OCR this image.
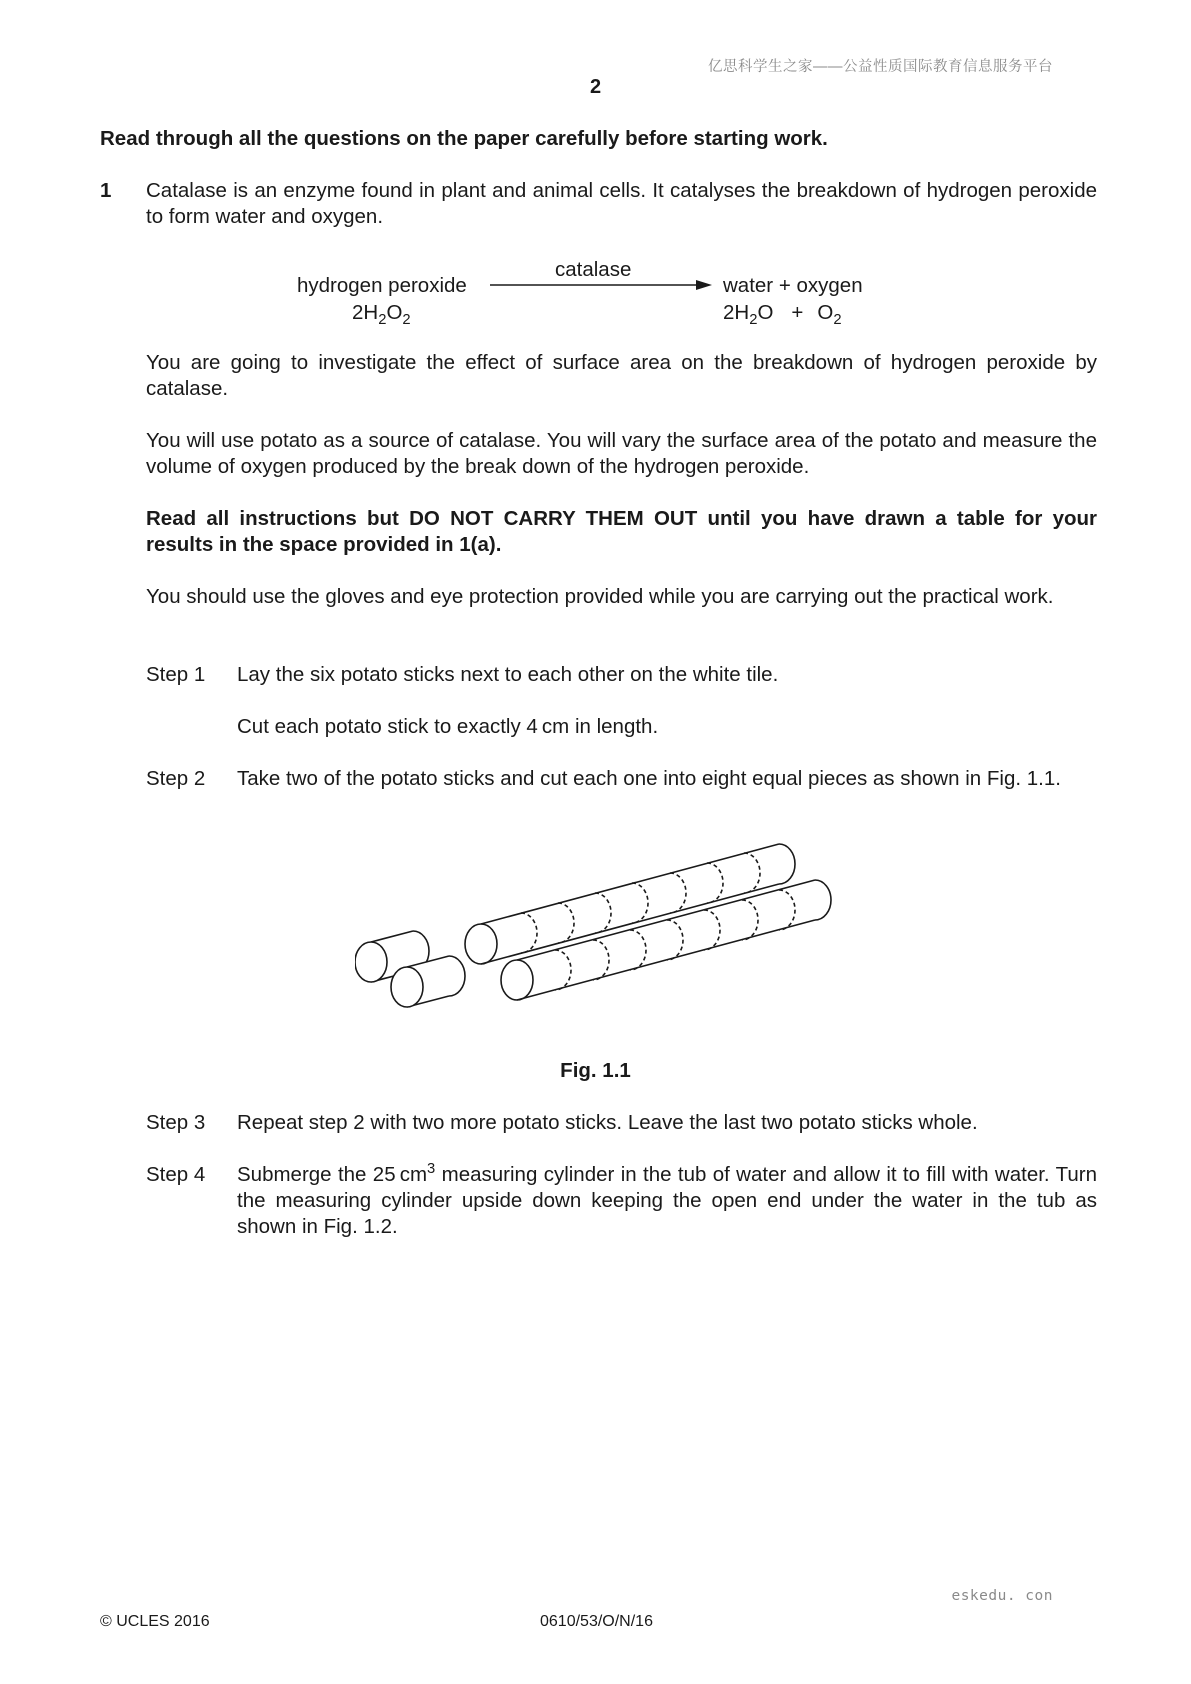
亿思科学生之家——公益性质国际教育信息服务平台
2
Read through all the questions on the paper carefully before starting work.
1 Catalase is an enzyme found in plant and animal cells. It catalyses the breakdown of hydrogen peroxide to form water and oxygen.
catalase
hydrogen peroxide	water + oxygen
$2H_2O_2$	$2H_2O + O_2$
You are going to investigate the effect of surface area on the breakdown of hydrogen peroxide by catalase.
You will use potato as a source of catalase. You will vary the surface area of the potato and measure the volume of oxygen produced by the break down of the hydrogen peroxide.
Read all instructions but DO NOT CARRY THEM OUT until you have drawn a table for your results in the space provided in 1(a).
You should use the gloves and eye protection provided while you are carrying out the practical work.
Step 1 Lay the six potato sticks next to each other on the white tile.
Cut each potato stick to exactly 4 cm in length.
Step 2 Take two of the potato sticks and cut each one into eight equal pieces as shown in Fig. 1.1.
Fig. 1.1
Step 3 Repeat step 2 with two more potato sticks. Leave the last two potato sticks whole.
Step 4 Submerge the 25 $cm^3$ measuring cylinder in the tub of water and allow it to fill with water. Turn the measuring cylinder upside down keeping the open end under the water in the tub as shown in Fig. 1.2.
eskedu. con
© UCLES 2016	0610/53/O/N/16
